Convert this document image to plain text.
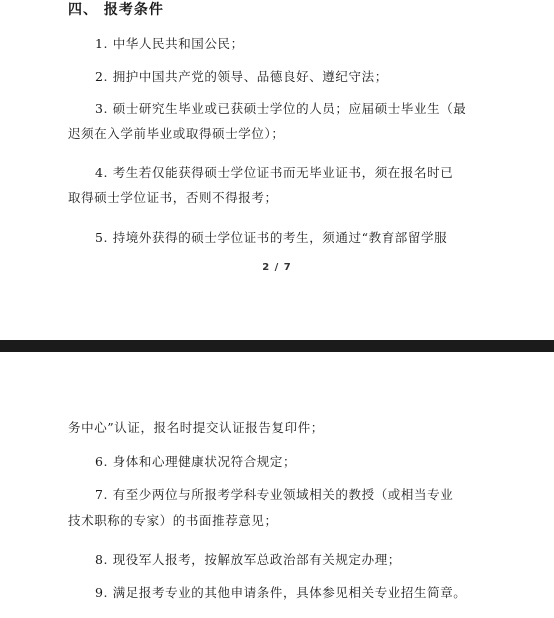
四、 报考条件
1. 中华人民共和国公民；
2. 拥护中国共产党的领导、品德良好、遵纪守法；
3. 硕士研究生毕业或已获硕士学位的人员；应届硕士毕业生（最
迟须在入学前毕业或取得硕士学位）；
4. 考生若仅能获得硕士学位证书而无毕业证书，须在报名时已
取得硕士学位证书，否则不得报考；
5. 持境外获得的硕士学位证书的考生，须通过“教育部留学服
2 / 7
务中心”认证，报名时提交认证报告复印件；
6. 身体和心理健康状况符合规定；
7. 有至少两位与所报考学科专业领域相关的教授（或相当专业
技术职称的专家）的书面推荐意见；
8. 现役军人报考，按解放军总政治部有关规定办理；
9. 满足报考专业的其他申请条件，具体参见相关专业招生简章。
